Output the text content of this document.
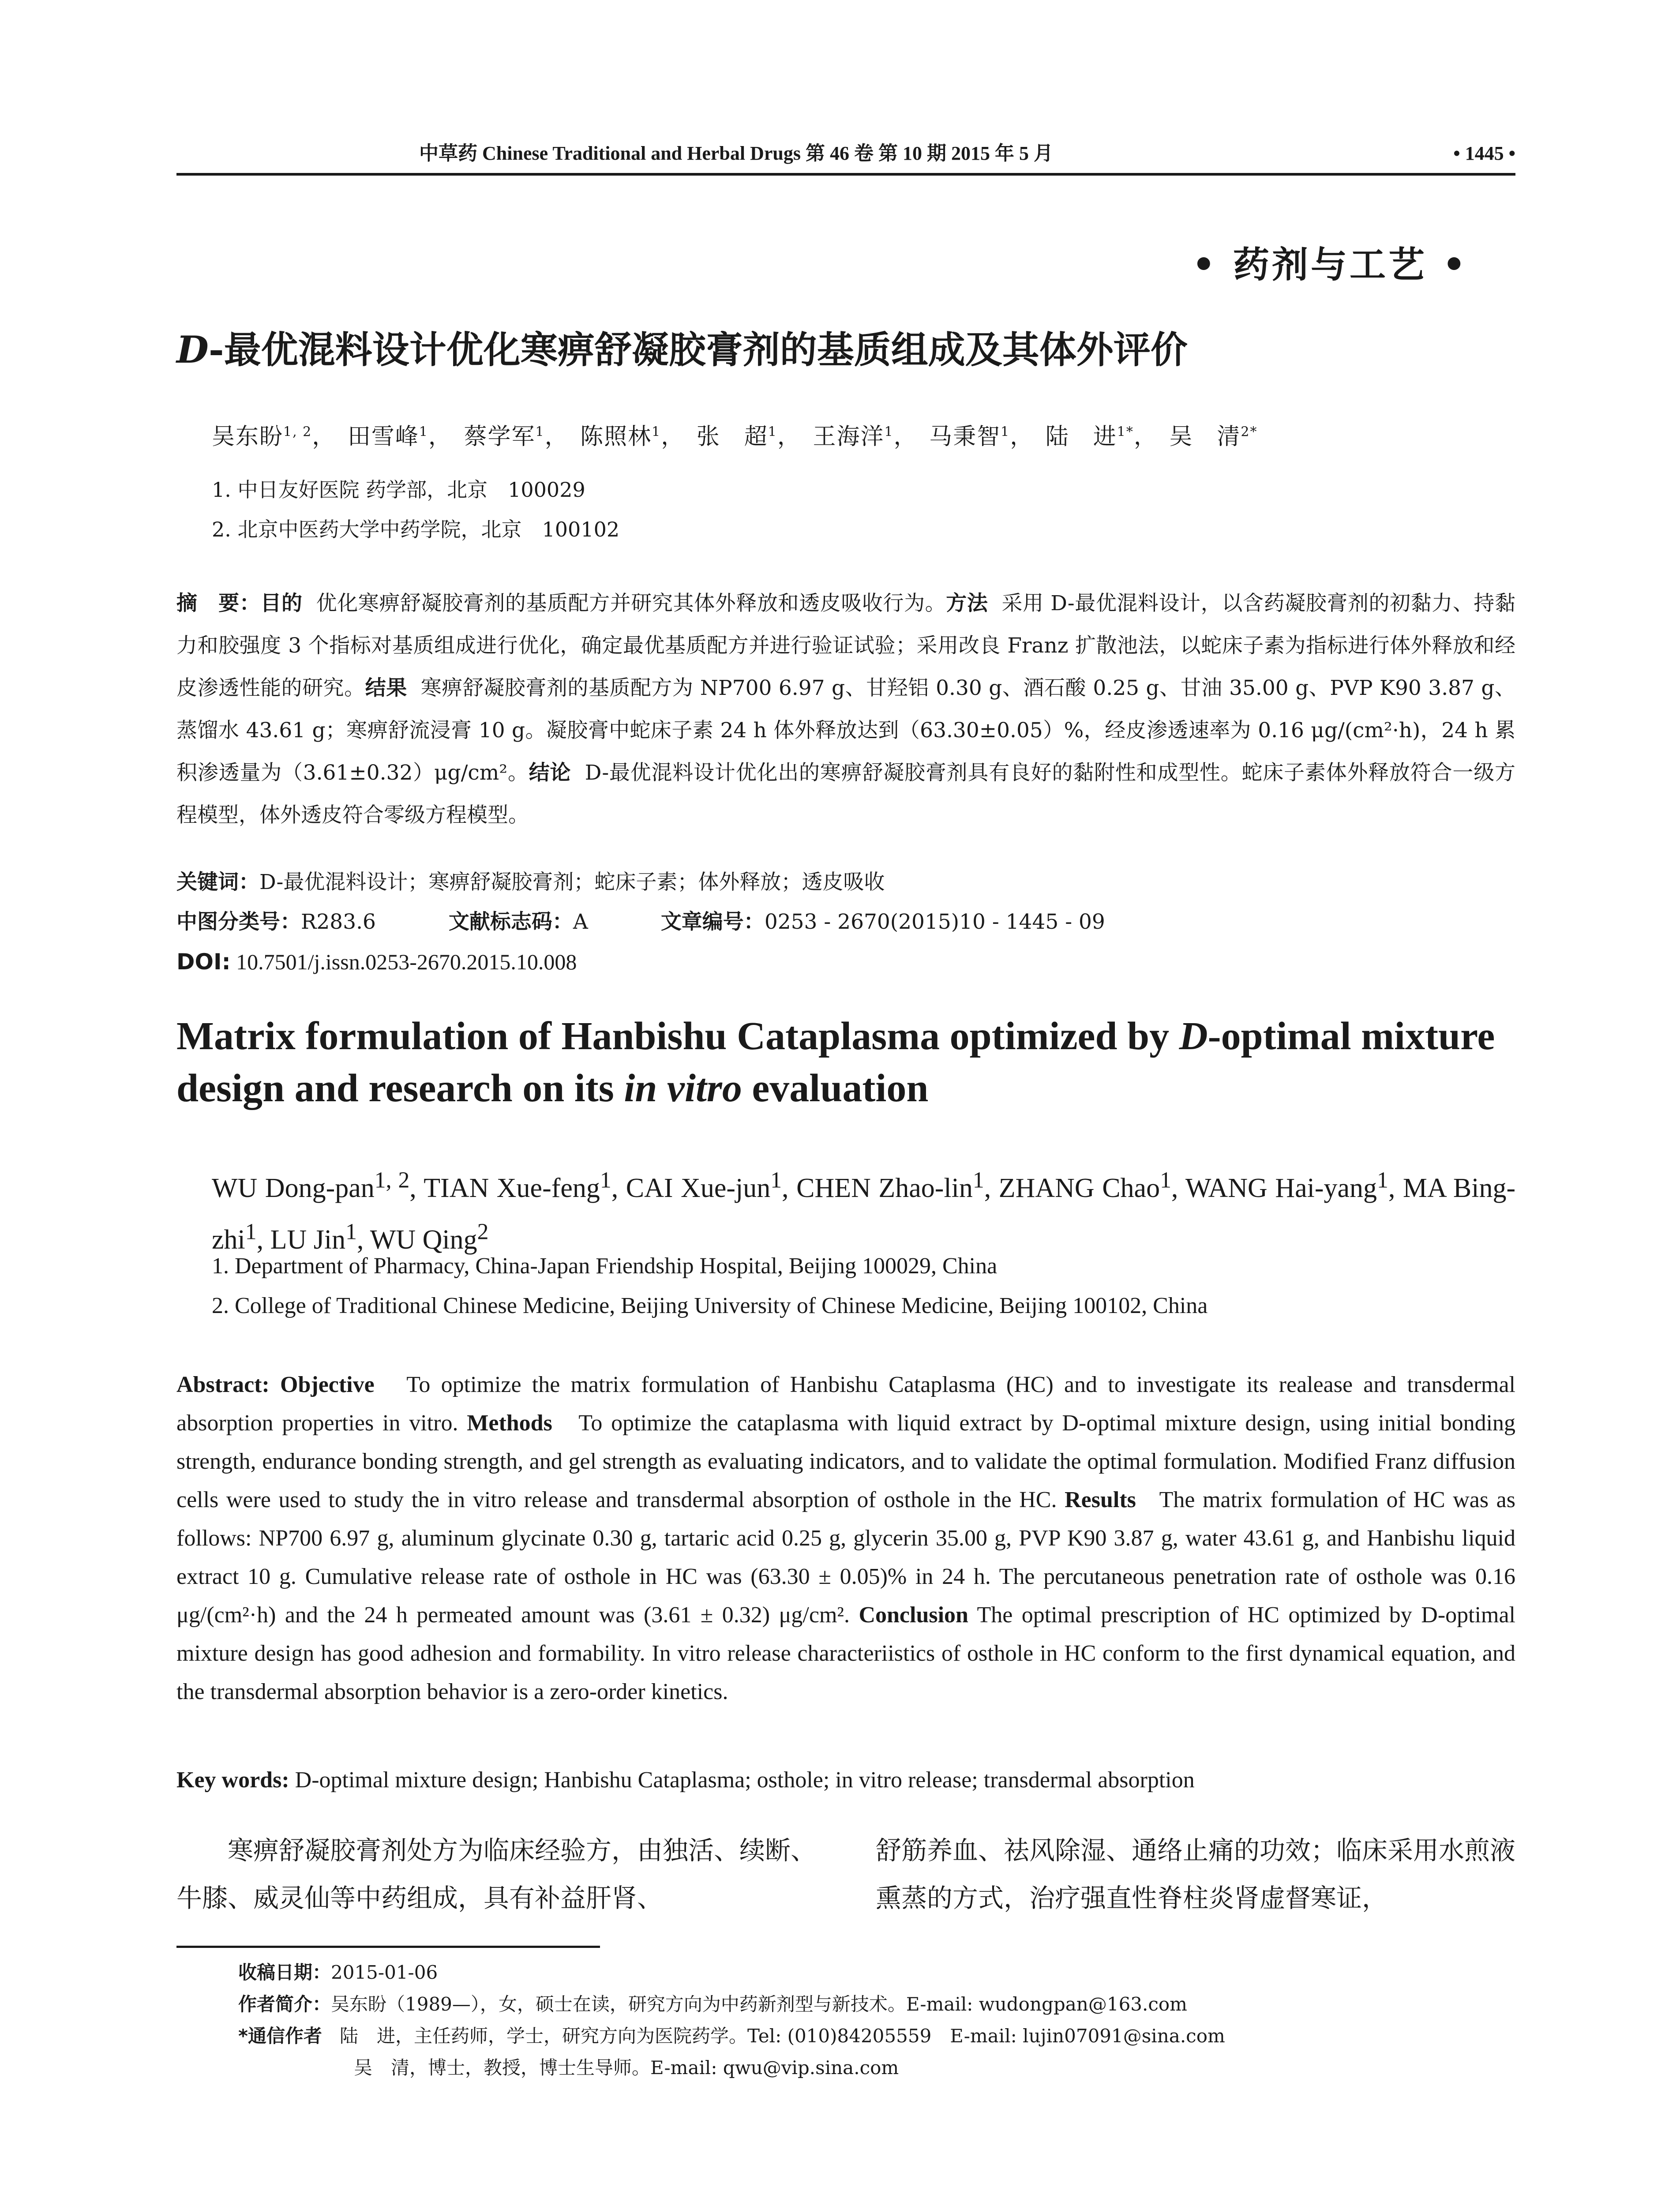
中草药 Chinese Traditional and Herbal Drugs 第 46 卷 第 10 期 2015 年 5 月	• 1445 •
• 药剂与工艺 •
D-最优混料设计优化寒痹舒凝胶膏剂的基质组成及其体外评价
吴东盼$^{1, 2}$， 田雪峰$^1$， 蔡学军$^1$， 陈照林$^1$， 张　超$^1$， 王海洋$^1$， 马秉智$^1$， 陆　进$^{1*}$， 吴　清$^{2*}$
1. 中日友好医院 药学部，北京　100029
2. 北京中医药大学中药学院，北京　100102
摘　要：目的 优化寒痹舒凝胶膏剂的基质配方并研究其体外释放和透皮吸收行为。方法 采用 D-最优混料设计，以含药凝胶膏剂的初黏力、持黏力和胶强度 3 个指标对基质组成进行优化，确定最优基质配方并进行验证试验；采用改良 Franz 扩散池法，以蛇床子素为指标进行体外释放和经皮渗透性能的研究。结果 寒痹舒凝胶膏剂的基质配方为 NP700 6.97 g、甘羟铝 0.30 g、酒石酸 0.25 g、甘油 35.00 g、PVP K90 3.87 g、蒸馏水 43.61 g；寒痹舒流浸膏 10 g。凝胶膏中蛇床子素 24 h 体外释放达到（63.30±0.05）%，经皮渗透速率为 0.16 μg/(cm²·h)，24 h 累积渗透量为（3.61±0.32）μg/cm²。结论 D-最优混料设计优化出的寒痹舒凝胶膏剂具有良好的黏附性和成型性。蛇床子素体外释放符合一级方程模型，体外透皮符合零级方程模型。
关键词：D-最优混料设计；寒痹舒凝胶膏剂；蛇床子素；体外释放；透皮吸收
中图分类号：R283.6	文献标志码：A	文章编号：0253 - 2670(2015)10 - 1445 - 09
DOI: 10.7501/j.issn.0253-2670.2015.10.008
Matrix formulation of Hanbishu Cataplasma optimized by D-optimal mixture design and research on its in vitro evaluation
WU Dong-pan$^{1, 2}$, TIAN Xue-feng$^1$, CAI Xue-jun$^1$, CHEN Zhao-lin$^1$, ZHANG Chao$^1$, WANG Hai-yang$^1$, MA Bing-zhi$^1$, LU Jin$^1$, WU Qing$^2$
1. Department of Pharmacy, China-Japan Friendship Hospital, Beijing 100029, China
2. College of Traditional Chinese Medicine, Beijing University of Chinese Medicine, Beijing 100102, China
Abstract: Objective To optimize the matrix formulation of Hanbishu Cataplasma (HC) and to investigate its realease and transdermal absorption properties in vitro. Methods To optimize the cataplasma with liquid extract by D-optimal mixture design, using initial bonding strength, endurance bonding strength, and gel strength as evaluating indicators, and to validate the optimal formulation. Modified Franz diffusion cells were used to study the in vitro release and transdermal absorption of osthole in the HC. Results The matrix formulation of HC was as follows: NP700 6.97 g, aluminum glycinate 0.30 g, tartaric acid 0.25 g, glycerin 35.00 g, PVP K90 3.87 g, water 43.61 g, and Hanbishu liquid extract 10 g. Cumulative release rate of osthole in HC was (63.30 ± 0.05)% in 24 h. The percutaneous penetration rate of osthole was 0.16 μg/(cm²·h) and the 24 h permeated amount was (3.61 ± 0.32) μg/cm². Conclusion The optimal prescription of HC optimized by D-optimal mixture design has good adhesion and formability. In vitro release characteriistics of osthole in HC conform to the first dynamical equation, and the transdermal absorption behavior is a zero-order kinetics.
Key words: D-optimal mixture design; Hanbishu Cataplasma; osthole; in vitro release; transdermal absorption
寒痹舒凝胶膏剂处方为临床经验方，由独活、续断、牛膝、威灵仙等中药组成，具有补益肝肾、
舒筋养血、祛风除湿、通络止痛的功效；临床采用水煎液熏蒸的方式，治疗强直性脊柱炎肾虚督寒证，
收稿日期：2015-01-06
作者简介：吴东盼（1989—），女，硕士在读，研究方向为中药新剂型与新技术。E-mail: wudongpan@163.com
*通信作者 陆　进，主任药师，学士，研究方向为医院药学。Tel: (010)84205559　E-mail: lujin07091@sina.com
吴　清，博士，教授，博士生导师。E-mail: qwu@vip.sina.com
